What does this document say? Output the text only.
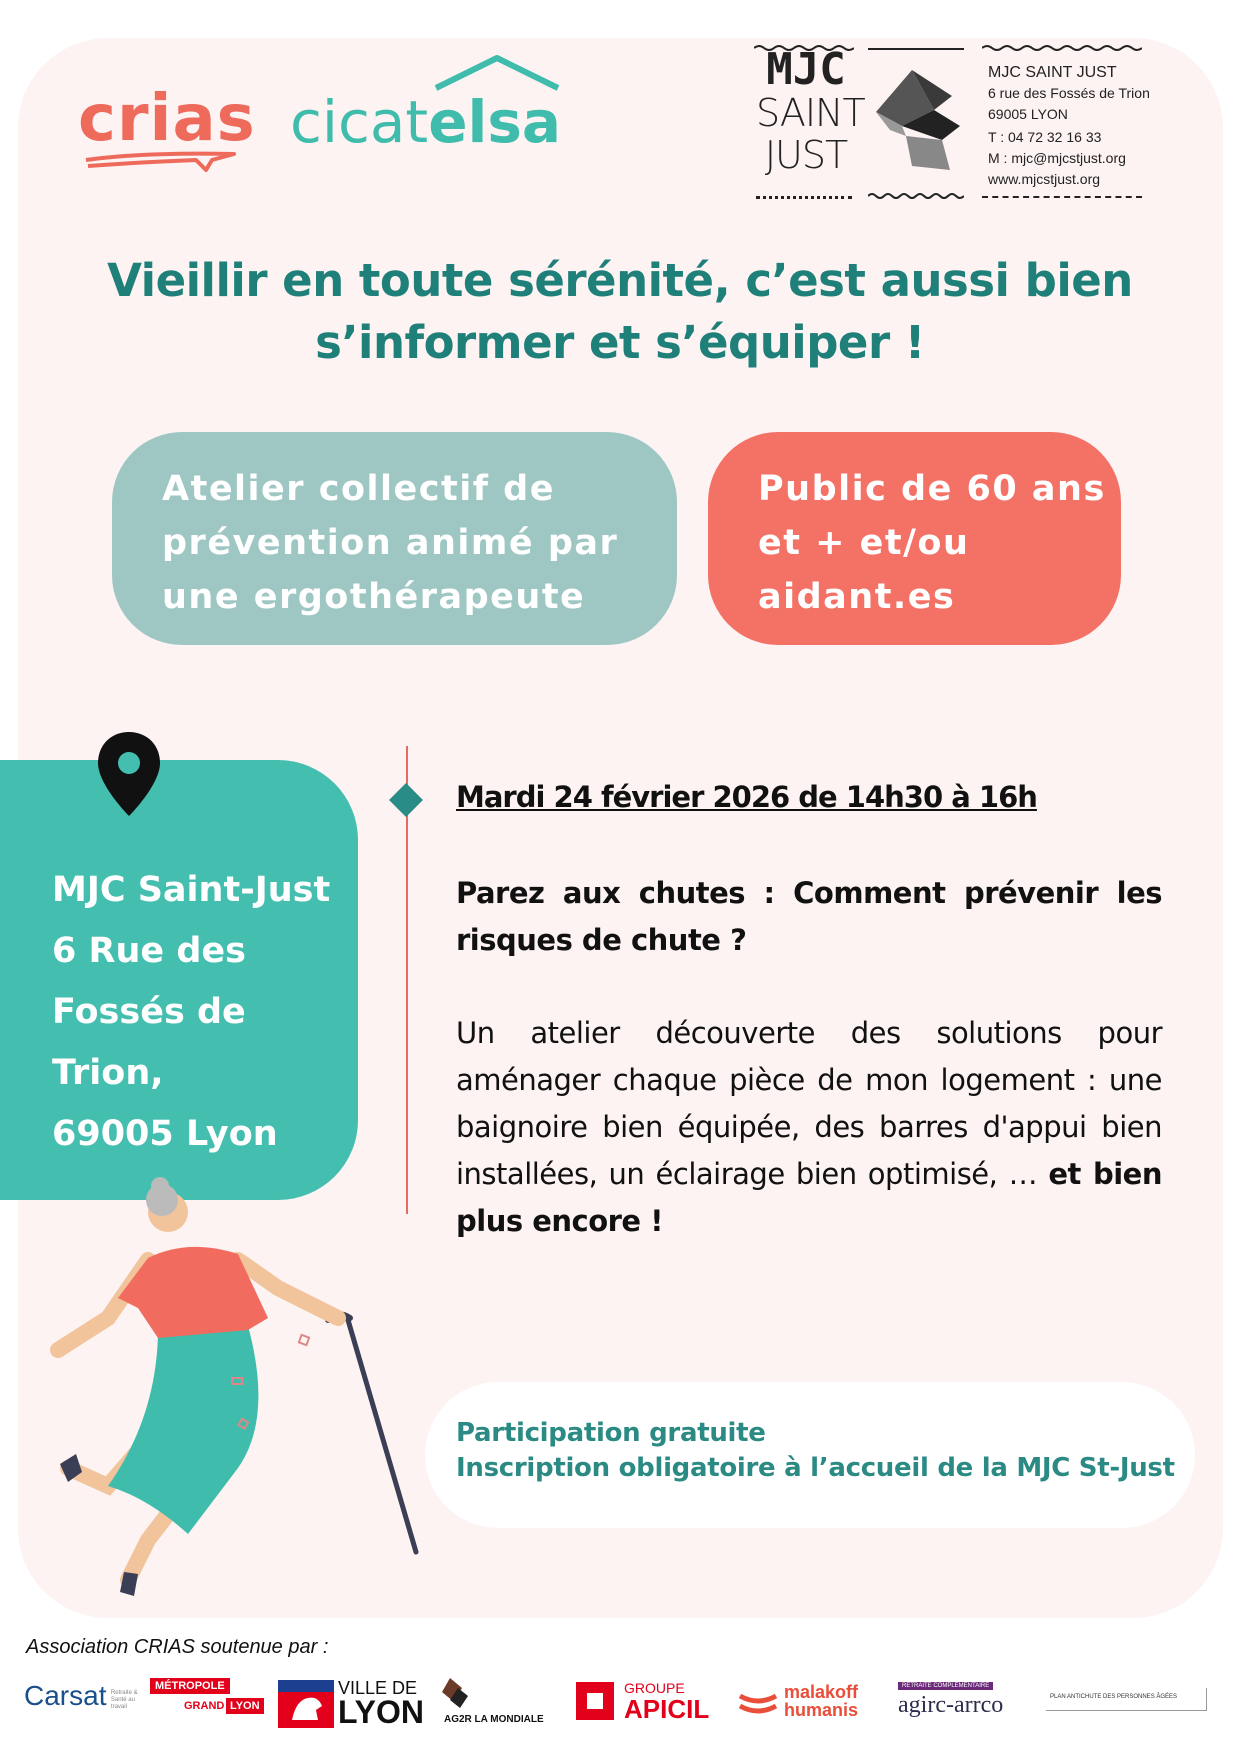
crias cicatelsa
MJC
SAINT
JUST
MJC SAINT JUST
6 rue des Fossés de Trion
69005 LYON
T : 04 72 32 16 33
M : mjc@mjcstjust.org
www.mjcstjust.org
Vieillir en toute sérénité, c’est aussi bien
s’informer et s’équiper !
Atelier collectif de
prévention animé par
une ergothérapeute
Public de 60 ans
et + et/ou
aidant.es
MJC Saint-Just
6 Rue des
Fossés de
Trion,
69005 Lyon
Mardi 24 février 2026 de 14h30 à 16h
Parez aux chutes : Comment prévenir les risques de chute ?
Un atelier découverte des solutions pour aménager chaque pièce de mon logement : une baignoire bien équipée, des barres d'appui bien installées, un éclairage bien optimisé, … et bien plus encore !
Participation gratuite
Inscription obligatoire à l’accueil de la MJC St-Just
Association CRIAS soutenue par :
Carsat Retraite & Santé au travail
MÉTROPOLE
GRAND LYON
VILLE DE
LYON AG2R LA MONDIALE
GROUPE
APICIL
malakoff
humanis
RETRAITE COMPLÉMENTAIRE
agirc-arrco	PLAN ANTICHUTE DES PERSONNES ÂGÉES
